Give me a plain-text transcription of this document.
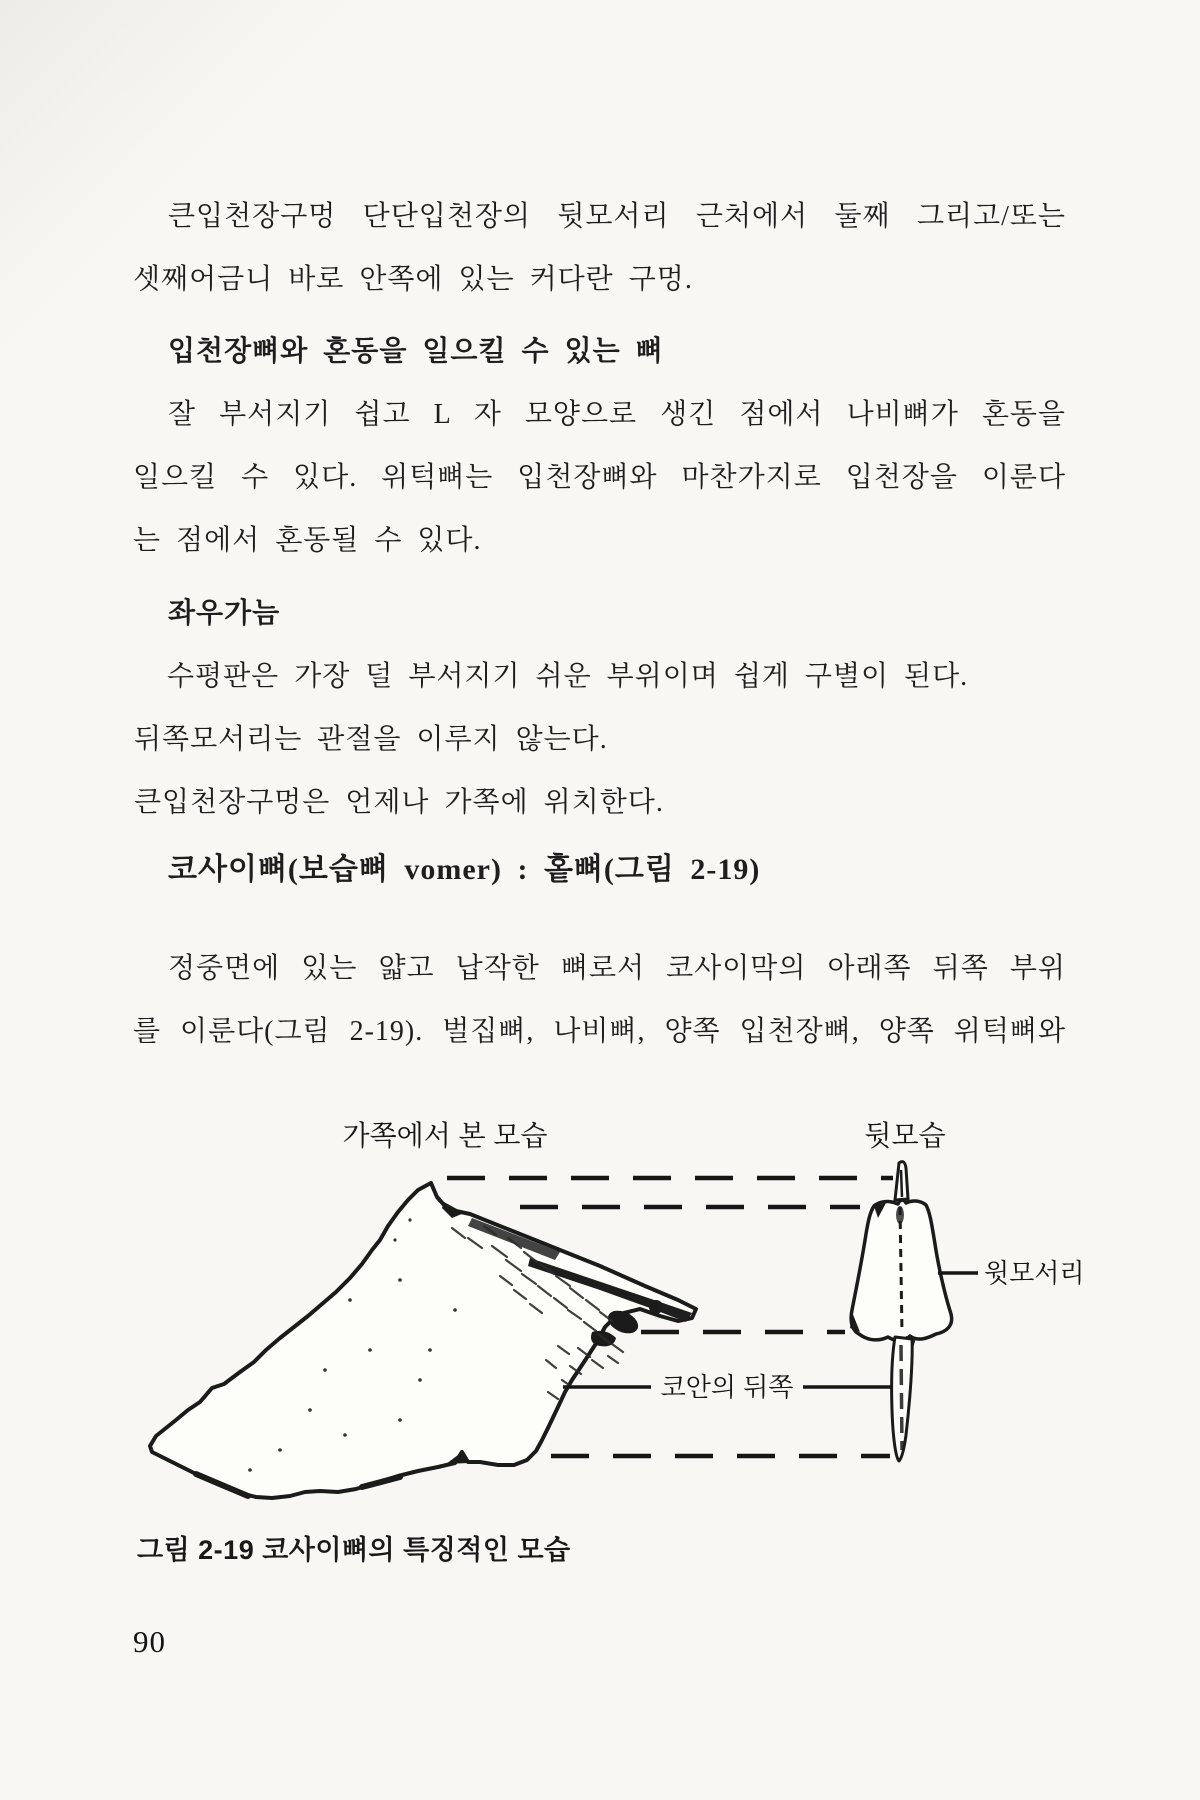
큰입천장구멍 단단입천장의 뒷모서리 근처에서 둘째 그리고/또는
셋째어금니 바로 안쪽에 있는 커다란 구멍.
입천장뼈와 혼동을 일으킬 수 있는 뼈
잘 부서지기 쉽고 L 자 모양으로 생긴 점에서 나비뼈가 혼동을
일으킬 수 있다. 위턱뼈는 입천장뼈와 마찬가지로 입천장을 이룬다
는 점에서 혼동될 수 있다.
좌우가늠
수평판은 가장 덜 부서지기 쉬운 부위이며 쉽게 구별이 된다.
뒤쪽모서리는 관절을 이루지 않는다.
큰입천장구멍은 언제나 가쪽에 위치한다.
코사이뼈(보습뼈 vomer) : 홑뼈(그림 2-19)
정중면에 있는 얇고 납작한 뼈로서 코사이막의 아래쪽 뒤쪽 부위
를 이룬다(그림 2-19). 벌집뼈, 나비뼈, 양쪽 입천장뼈, 양쪽 위턱뼈와
가쪽에서 본 모습	뒷모습
윗모서리
코안의 뒤쪽
그림 2-19 코사이뼈의 특징적인 모습
90
